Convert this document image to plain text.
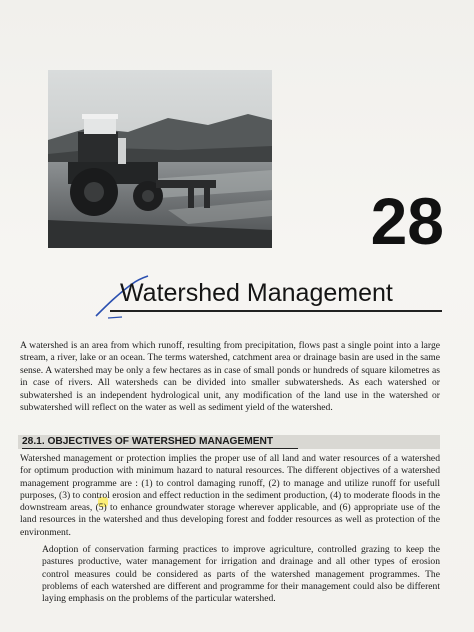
28
Watershed Management

A watershed is an area from which runoff, resulting from precipitation, flows past a single point into a large stream, a river, lake or an ocean. The terms watershed, catchment area or drainage basin are used in the same sense. A watershed may be only a few hectares as in case of small ponds or hundreds of square kilometres as in case of rivers. All watersheds can be divided into smaller subwatersheds. As each watershed or subwatershed is an independent hydrological unit, any modification of the land use in the watershed or subwatershed will reflect on the water as well as sediment yield of the watershed.

28.1. OBJECTIVES OF WATERSHED MANAGEMENT

Watershed management or protection implies the proper use of all land and water resources of a watershed for optimum production with minimum hazard to natural resources. The different objectives of a watershed management programme are : (1) to control damaging runoff, (2) to manage and utilize runoff for usefull purposes, (3) to control erosion and effect reduction in the sediment production, (4) to moderate floods in the downstream areas, (5) to enhance groundwater storage wherever applicable, and (6) appropriate use of the land resources in the watershed and thus developing forest and fodder resources as well as protection of the environment.

Adoption of conservation farming practices to improve agriculture, controlled grazing to keep the pastures productive, water management for irrigation and drainage and all other types of erosion control measures could be considered as parts of the watershed management programmes. The problems of each watershed are different and programme for their management could also be different laying emphasis on the problems of the particular watershed.
